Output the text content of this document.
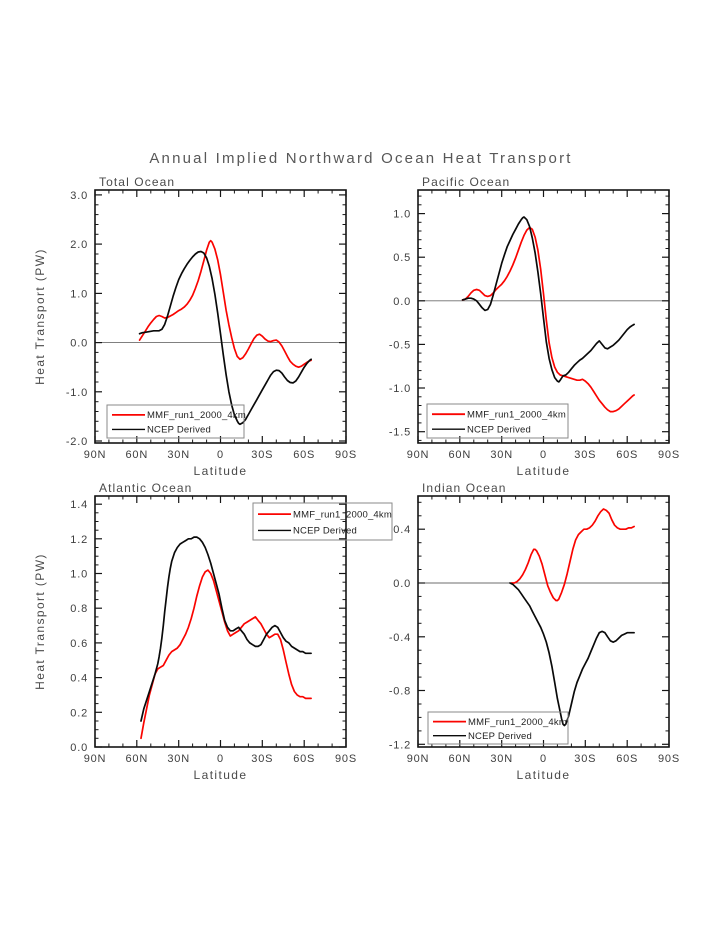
Annual Implied Northward Ocean Heat Transport
90N 60N 30N 0 30S 60S 90S
-2.0
-1.0
0.0
1.0
2.0
3.0
Total Ocean
Latitude
Heat Transport (PW)
MMF_run1_2000_4km
NCEP Derived
90N 60N 30N 0 30S 60S 90S
-1.5
-1.0
-0.5
0.0
0.5
1.0
Pacific Ocean
Latitude
MMF_run1_2000_4km
NCEP Derived
90N 60N 30N 0 30S 60S 90S
0.0
0.2
0.4
0.6
0.8
1.0
1.2
1.4
Atlantic Ocean
Latitude
Heat Transport (PW)
MMF_run1_2000_4km
NCEP Derived
90N 60N 30N 0 30S 60S 90S
-1.2
-0.8
-0.4
0.0
0.4
Indian Ocean
Latitude
MMF_run1_2000_4km
NCEP Derived
